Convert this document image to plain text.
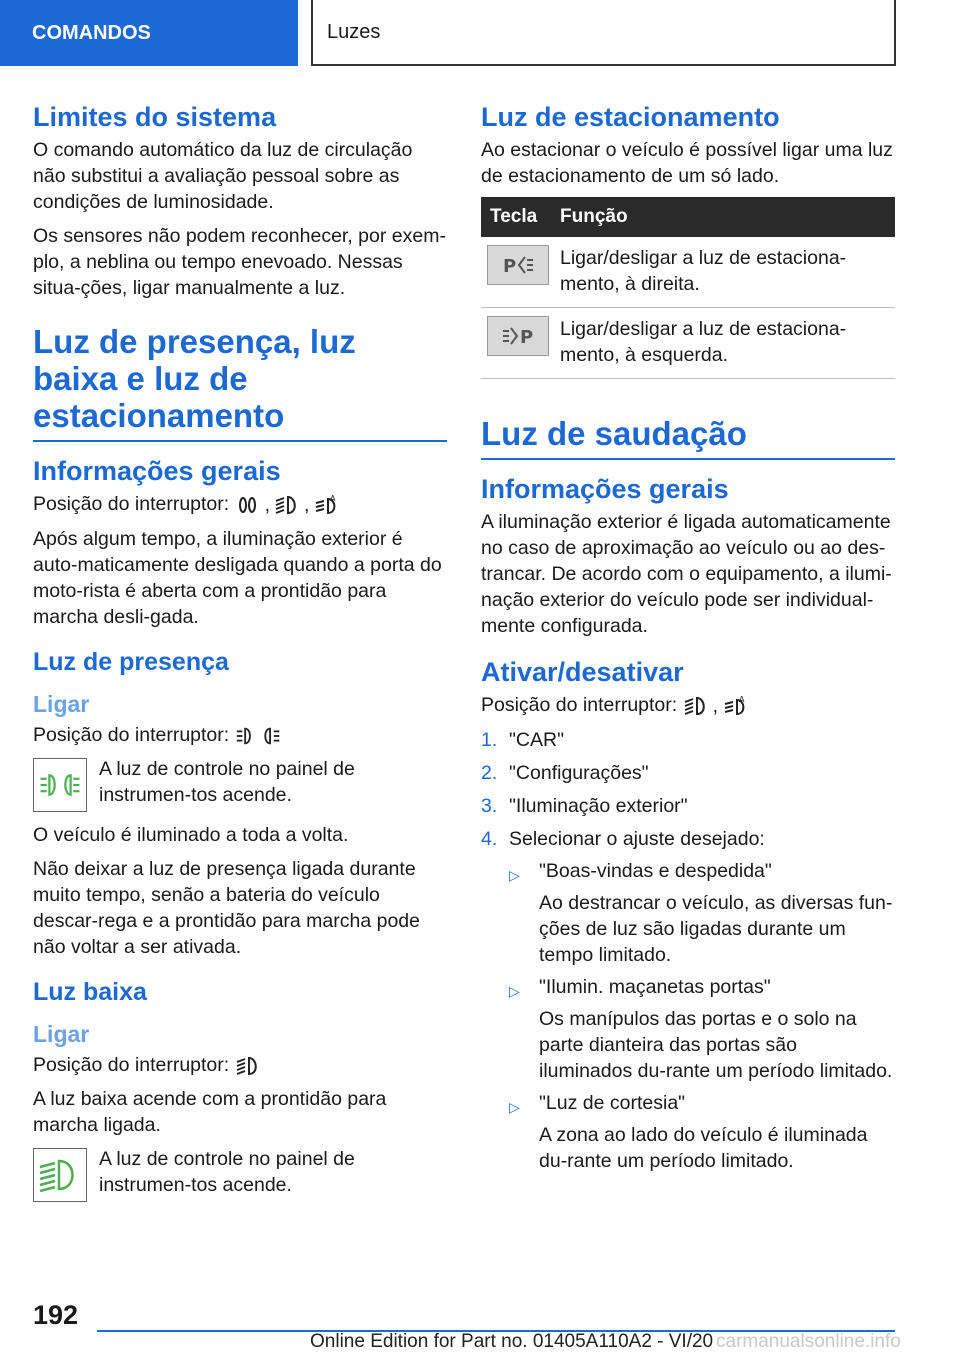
COMANDOS	Luzes
Limites do sistema

O comando automático da luz de circulação não substitui a avaliação pessoal sobre as condições de luminosidade.

Os sensores não podem reconhecer, por exem-plo, a neblina ou tempo enevoado. Nessas situa-ções, ligar manualmente a luz.

Luz de presença, luz baixa e luz de estacionamento
Informações gerais

Posição do interruptor: , ,	A

Após algum tempo, a iluminação exterior é auto-maticamente desligada quando a porta do moto-rista é aberta com a prontidão para marcha desli-gada.

Luz de presença
Ligar

Posição do interruptor:

A luz de controle no painel de instrumen-tos acende.

O veículo é iluminado a toda a volta.

Não deixar a luz de presença ligada durante muito tempo, senão a bateria do veículo descar-rega e a prontidão para marcha pode não voltar a ser ativada.

Luz baixa
Ligar

Posição do interruptor:

A luz baixa acende com a prontidão para marcha ligada.

A luz de controle no painel de instrumen-tos acende.

Luz de estacionamento

Ao estacionar o veículo é possível ligar uma luz de estacionamento de um só lado.

Tecla	Função

P	Ligar/desligar a luz de estaciona-mento, à direita.

P	Ligar/desligar a luz de estaciona-mento, à esquerda.
Luz de saudação
Informações gerais

A iluminação exterior é ligada automaticamente no caso de aproximação ao veículo ou ao des-trancar. De acordo com o equipamento, a ilumi-nação exterior do veículo pode ser individual-mente configurada.

Ativar/desativar

Posição do interruptor: ,	A

1. "CAR"
2. "Configurações"
3. "Iluminação exterior"
4. Selecionar o ajuste desejado:
▷ "Boas-vindas e despedida"
Ao destrancar o veículo, as diversas fun-ções de luz são ligadas durante um tempo limitado.
▷ "Ilumin. maçanetas portas"
Os manípulos das portas e o solo na parte dianteira das portas são iluminados du-rante um período limitado.
▷ "Luz de cortesia"
A zona ao lado do veículo é iluminada du-rante um período limitado.
192
Online Edition for Part no. 01405A110A2 - VI/20 carmanualsonline.info
